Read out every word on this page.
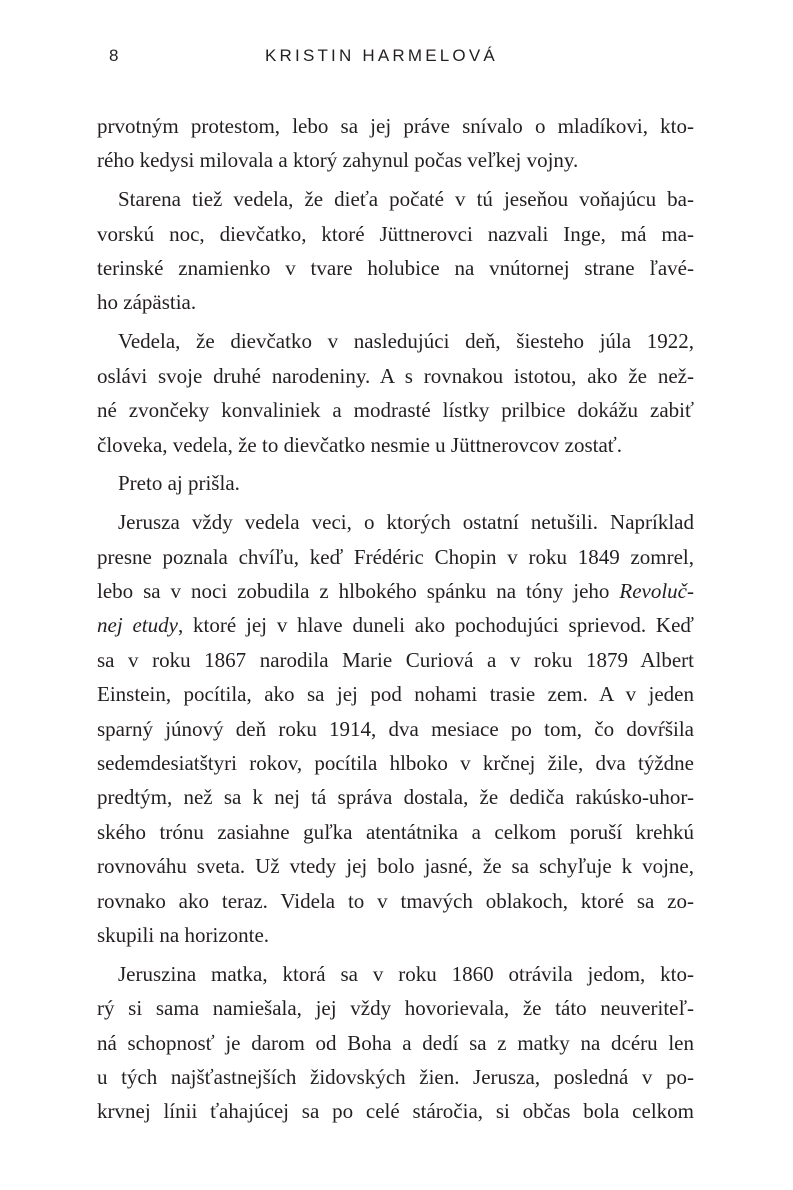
8	KRISTIN HARMELOVÁ
prvotným protestom, lebo sa jej práve snívalo o mladíkovi, kto-
rého kedysi milovala a ktorý zahynul počas veľkej vojny.
Starena tiež vedela, že dieťa počaté v tú jeseňou voňajúcu ba-
vorskú noc, dievčatko, ktoré Jüttnerovci nazvali Inge, má ma-
terinské znamienko v tvare holubice na vnútornej strane ľavé-
ho zápästia.
Vedela, že dievčatko v nasledujúci deň, šiesteho júla 1922,
oslávi svoje druhé narodeniny. A s rovnakou istotou, ako že než-
né zvončeky konvaliniek a modrasté lístky prilbice dokážu zabiť
človeka, vedela, že to dievčatko nesmie u Jüttnerovcov zostať.
Preto aj prišla.
Jerusza vždy vedela veci, o ktorých ostatní netušili. Napríklad
presne poznala chvíľu, keď Frédéric Chopin v roku 1849 zomrel,
lebo sa v noci zobudila z hlbokého spánku na tóny jeho Revoluč-
nej etudy, ktoré jej v hlave duneli ako pochodujúci sprievod. Keď
sa v roku 1867 narodila Marie Curiová a v roku 1879 Albert
Einstein, pocítila, ako sa jej pod nohami trasie zem. A v jeden
sparný júnový deň roku 1914, dva mesiace po tom, čo dovŕšila
sedemdesiatštyri rokov, pocítila hlboko v krčnej žile, dva týždne
predtým, než sa k nej tá správa dostala, že dediča rakúsko-uhor-
ského trónu zasiahne guľka atentátnika a celkom poruší krehkú
rovnováhu sveta. Už vtedy jej bolo jasné, že sa schyľuje k vojne,
rovnako ako teraz. Videla to v tmavých oblakoch, ktoré sa zo-
skupili na horizonte.
Jeruszina matka, ktorá sa v roku 1860 otrávila jedom, kto-
rý si sama namiešala, jej vždy hovorievala, že táto neuveriteľ-
ná schopnosť je darom od Boha a dedí sa z matky na dcéru len
u tých najšťastnejších židovských žien. Jerusza, posledná v po-
krvnej línii ťahajúcej sa po celé stáročia, si občas bola celkom
